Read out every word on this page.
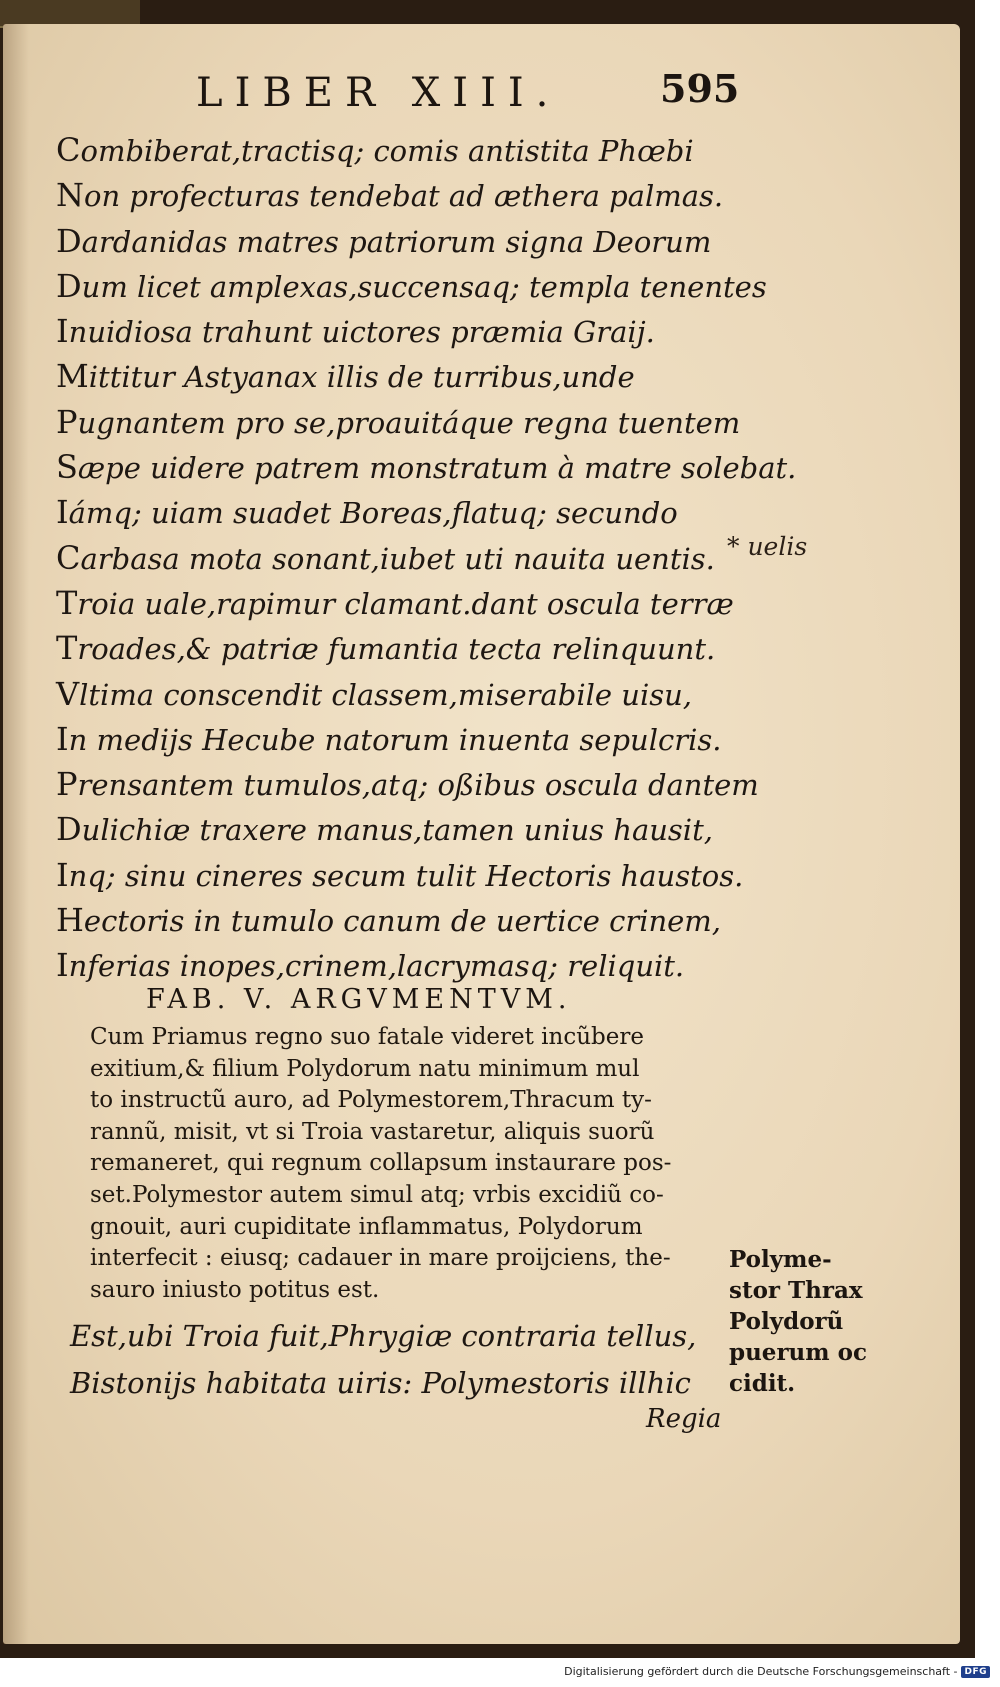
LIBER XIII.	595
Combiberat,tractisq; comis antistita Phœbi
Non profecturas tendebat ad æthera palmas.
Dardanidas matres patriorum signa Deorum
Dum licet amplexas,succensaq; templa tenentes
Inuidiosa trahunt uictores præmia Graij.
Mittitur Astyanax illis de turribus,unde
Pugnantem pro se,proauitáque regna tuentem
Sæpe uidere patrem monstratum à matre solebat.
Iámq; uiam suadet Boreas,flatuq; secundo
Carbasa mota sonant,iubet uti nauita uentis.
Troia uale,rapimur clamant.dant oscula terræ
Troades,& patriæ fumantia tecta relinquunt.
Vltima conscendit classem,miserabile uisu,
In medijs Hecube natorum inuenta sepulcris.
Prensantem tumulos,atq; oßibus oscula dantem
Dulichiæ traxere manus,tamen unius hausit,
Inq; sinu cineres secum tulit Hectoris haustos.
Hectoris in tumulo canum de uertice crinem,
Inferias inopes,crinem,lacrymasq; reliquit.
* uelis
FAB. V. ARGVMENTVM.
Cum Priamus regno suo fatale videret incũbere
exitium,& filium Polydorum natu minimum mul
to instructũ auro, ad Polymestorem,Thracum ty-
rannũ, misit, vt si Troia vastaretur, aliquis suorũ
remaneret, qui regnum collapsum instaurare pos-
set.Polymestor autem simul atq; vrbis excidiũ co-
gnouit, auri cupiditate inflammatus, Polydorum
interfecit : eiusq; cadauer in mare proijciens, the-
sauro iniusto potitus est.
Est,ubi Troia fuit,Phrygiæ contraria tellus,
Bistonijs habitata uiris: Polymestoris illhic
Polyme-
stor Thrax
Polydorũ
puerum oc
cidit.
Regia
Digitalisierung gefördert durch die Deutsche Forschungsgemeinschaft - DFG
